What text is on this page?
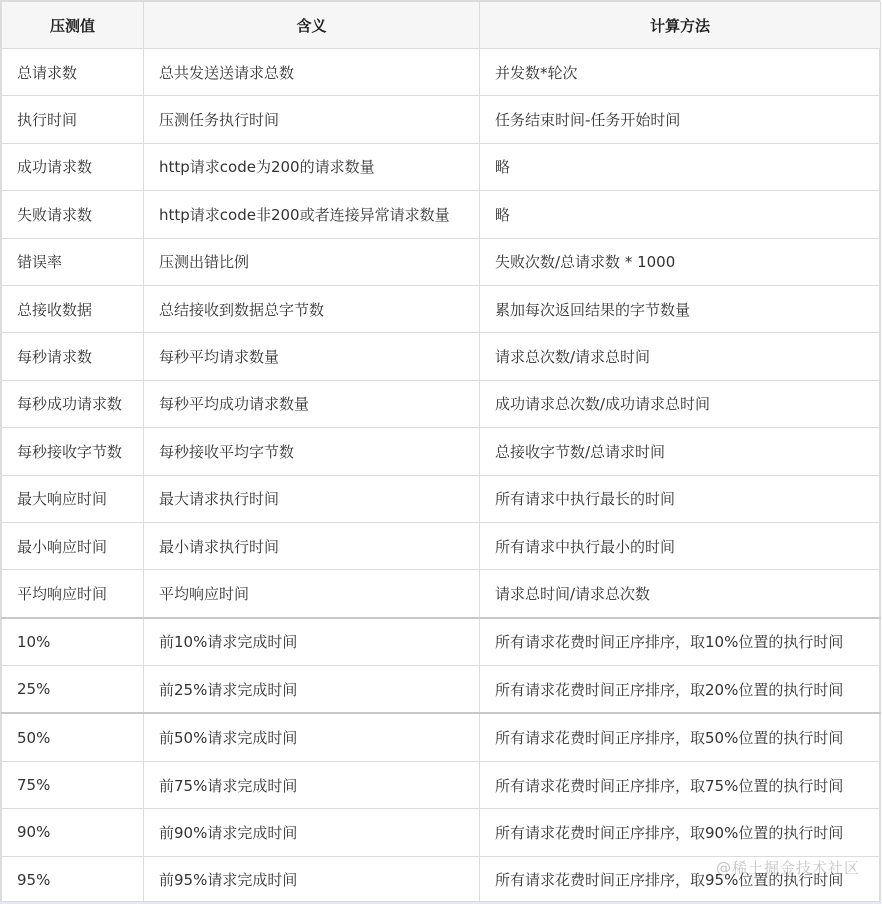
压测值	含义	计算方法
总请求数	总共发送送请求总数	并发数*轮次
执行时间	压测任务执行时间	任务结束时间-任务开始时间
成功请求数	http请求code为200的请求数量	略
失败请求数	http请求code非200或者连接异常请求数量	略
错误率	压测出错比例	失败次数/总请求数 * 1000
总接收数据	总结接收到数据总字节数	累加每次返回结果的字节数量
每秒请求数	每秒平均请求数量	请求总次数/请求总时间
每秒成功请求数	每秒平均成功请求数量	成功请求总次数/成功请求总时间
每秒接收字节数	每秒接收平均字节数	总接收字节数/总请求时间
最大响应时间	最大请求执行时间	所有请求中执行最长的时间
最小响应时间	最小请求执行时间	所有请求中执行最小的时间
平均响应时间	平均响应时间	请求总时间/请求总次数
10%	前10%请求完成时间	所有请求花费时间正序排序，取10%位置的执行时间
25%	前25%请求完成时间	所有请求花费时间正序排序，取20%位置的执行时间
50%	前50%请求完成时间	所有请求花费时间正序排序，取50%位置的执行时间
75%	前75%请求完成时间	所有请求花费时间正序排序，取75%位置的执行时间
90%	前90%请求完成时间	所有请求花费时间正序排序，取90%位置的执行时间
95%	前95%请求完成时间	所有请求花费时间正序排序，取95%位置的执行时间
@稀土掘金技术社区
